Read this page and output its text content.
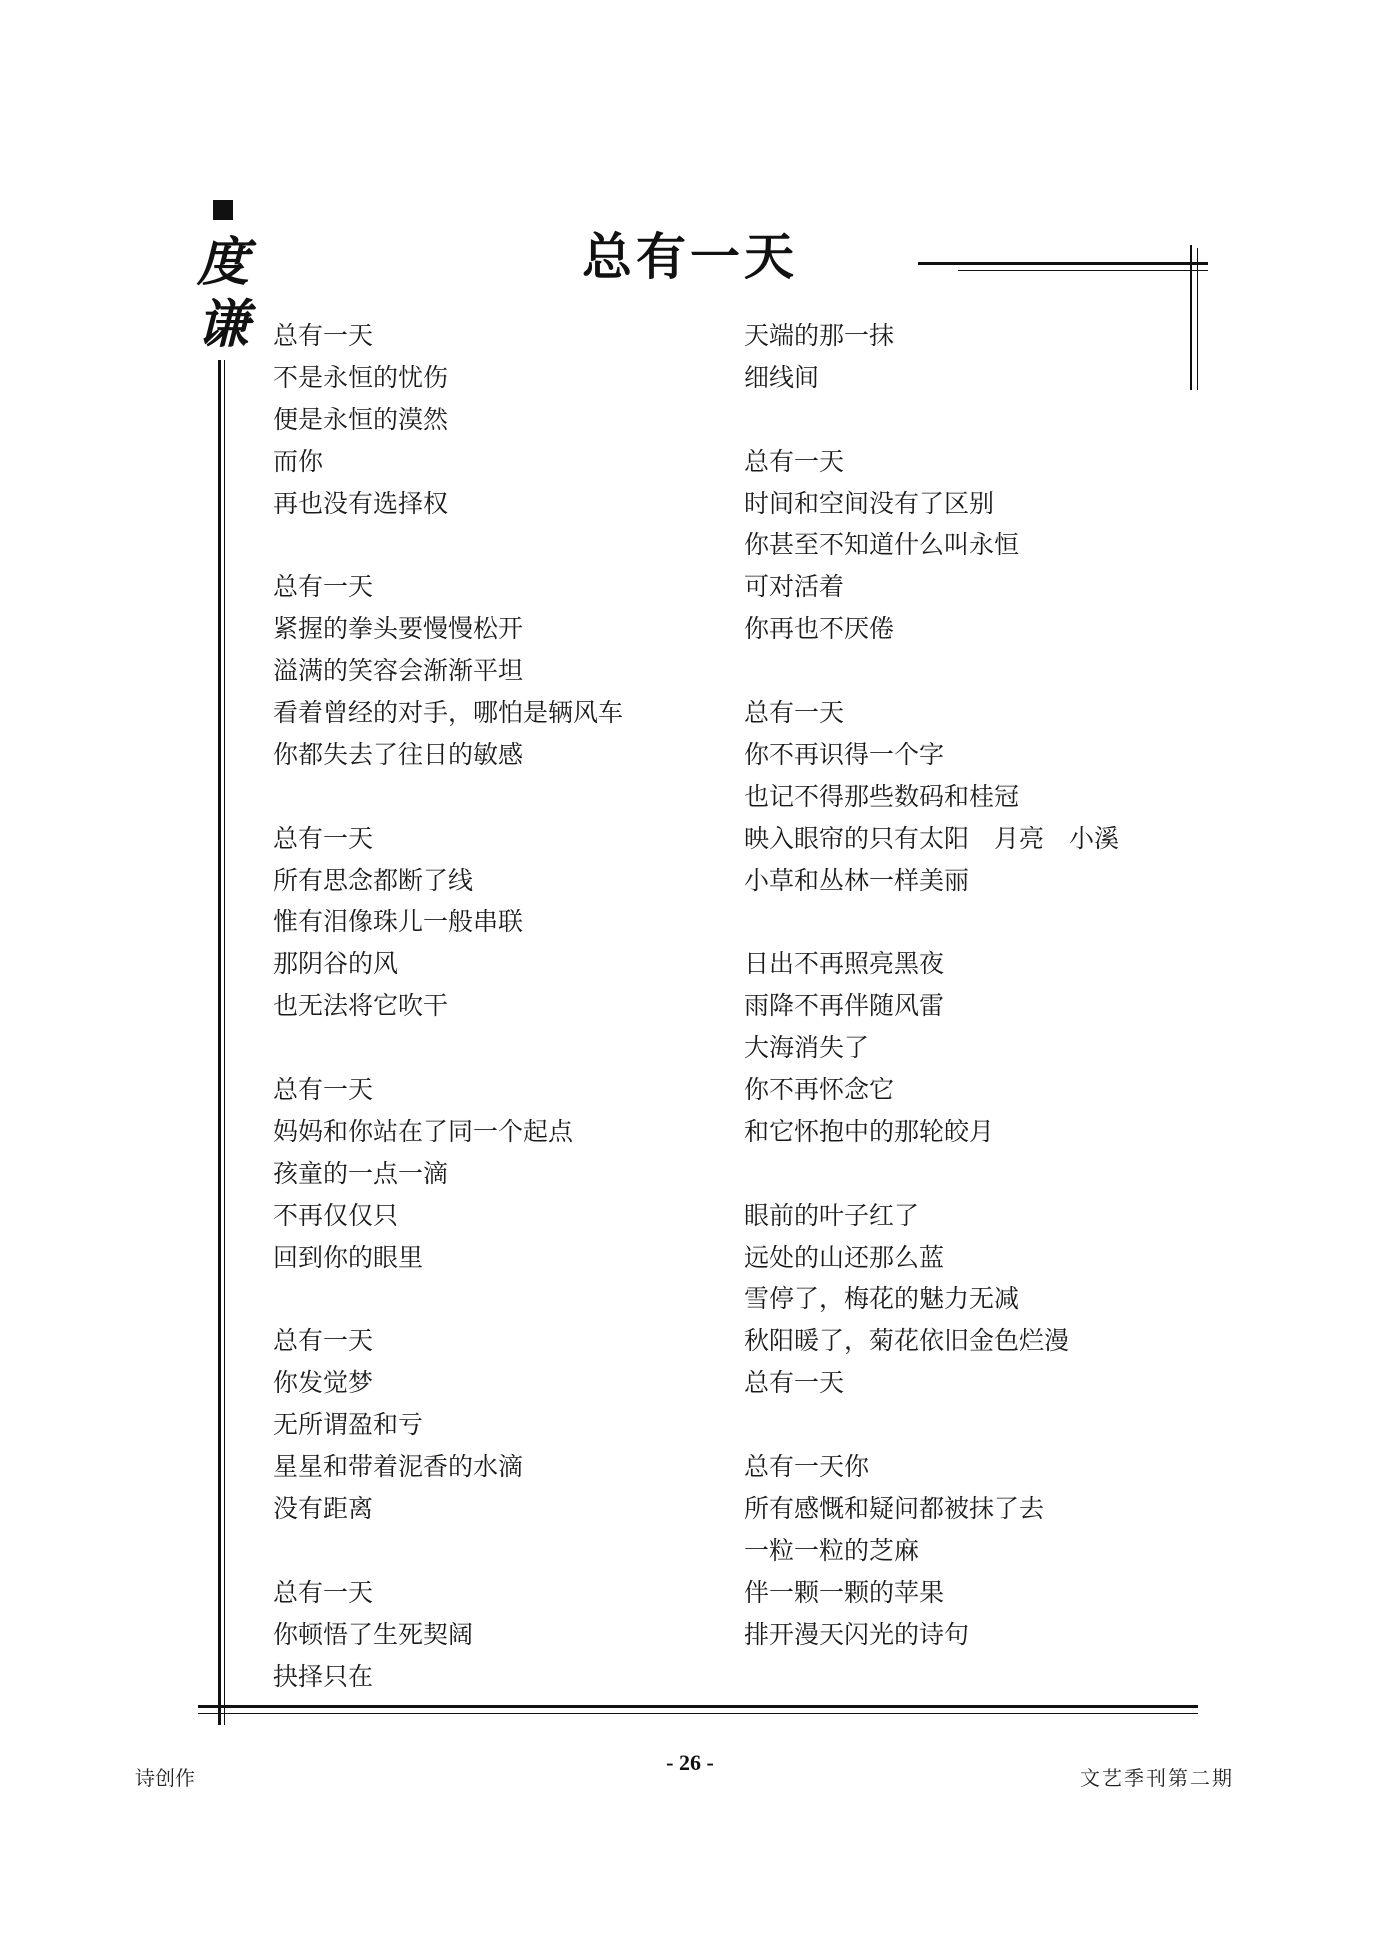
度
谦
总有一天
总有一天
不是永恒的忧伤
便是永恒的漠然
而你
再也没有选择权
总有一天
紧握的拳头要慢慢松开
溢满的笑容会渐渐平坦
看着曾经的对手，哪怕是辆风车
你都失去了往日的敏感
总有一天
所有思念都断了线
惟有泪像珠儿一般串联
那阴谷的风
也无法将它吹干
总有一天
妈妈和你站在了同一个起点
孩童的一点一滴
不再仅仅只
回到你的眼里
总有一天
你发觉梦
无所谓盈和亏
星星和带着泥香的水滴
没有距离
总有一天
你顿悟了生死契阔
抉择只在
天端的那一抹
细线间
总有一天
时间和空间没有了区别
你甚至不知道什么叫永恒
可对活着
你再也不厌倦
总有一天
你不再识得一个字
也记不得那些数码和桂冠
映入眼帘的只有太阳　月亮　小溪
小草和丛林一样美丽
日出不再照亮黑夜
雨降不再伴随风雷
大海消失了
你不再怀念它
和它怀抱中的那轮皎月
眼前的叶子红了
远处的山还那么蓝
雪停了，梅花的魅力无减
秋阳暖了，菊花依旧金色烂漫
总有一天
总有一天你
所有感慨和疑问都被抹了去
一粒一粒的芝麻
伴一颗一颗的苹果
排开漫天闪光的诗句
诗创作
- 26 -
文艺季刊第二期
